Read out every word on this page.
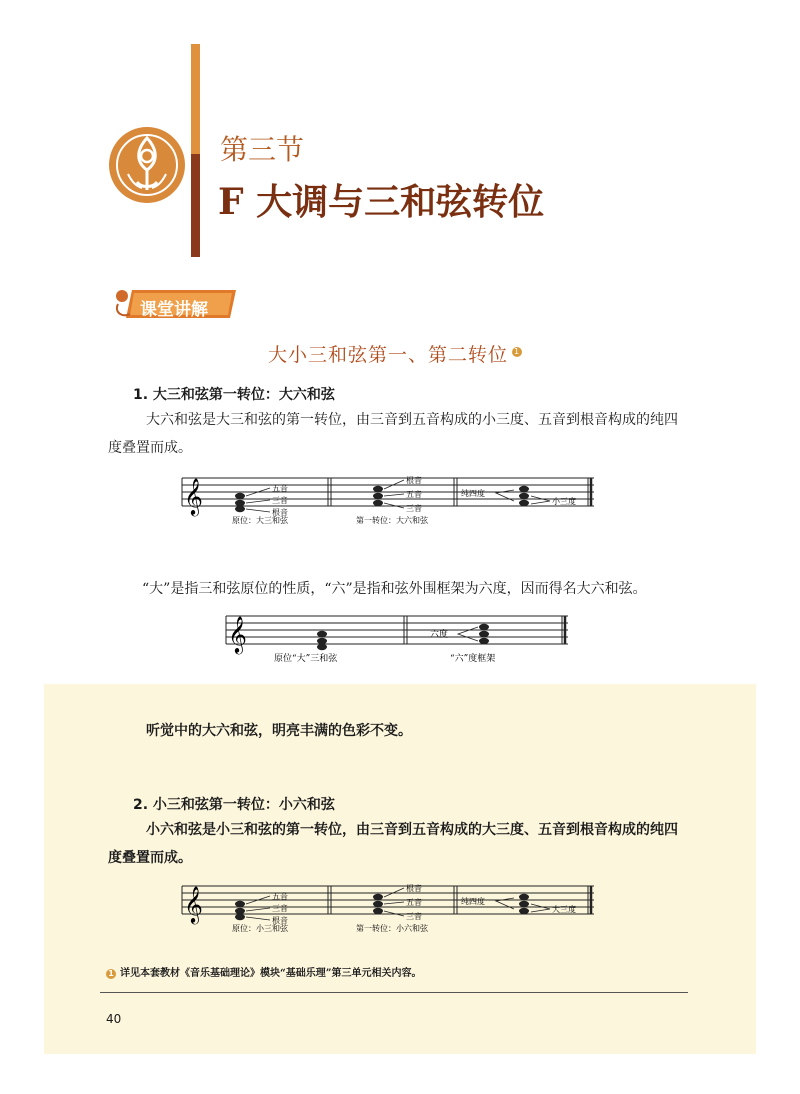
第三节
F 大调与三和弦转位
课堂讲解
大小三和弦第一、第二转位 1
1. 大三和弦第一转位：大六和弦
大六和弦是大三和弦的第一转位，由三音到五音构成的小三度、五音到根音构成的纯四度叠置而成。
𝄞	五音
三音
根音
根音
五音
三音
纯四度
小三度
原位：大三和弦	第一转位：大六和弦
“大”是指三和弦原位的性质，“六”是指和弦外围框架为六度，因而得名大六和弦。
𝄞	六度
原位“大”三和弦	“六”度框架
听觉中的大六和弦，明亮丰满的色彩不变。
2. 小三和弦第一转位：小六和弦
小六和弦是小三和弦的第一转位，由三音到五音构成的大三度、五音到根音构成的纯四度叠置而成。
𝄞	五音
三音
根音
根音
五音
三音
纯四度
大三度
原位：小三和弦	第一转位：小六和弦
1 详见本套教材《音乐基础理论》模块“基础乐理”第三单元相关内容。
40
